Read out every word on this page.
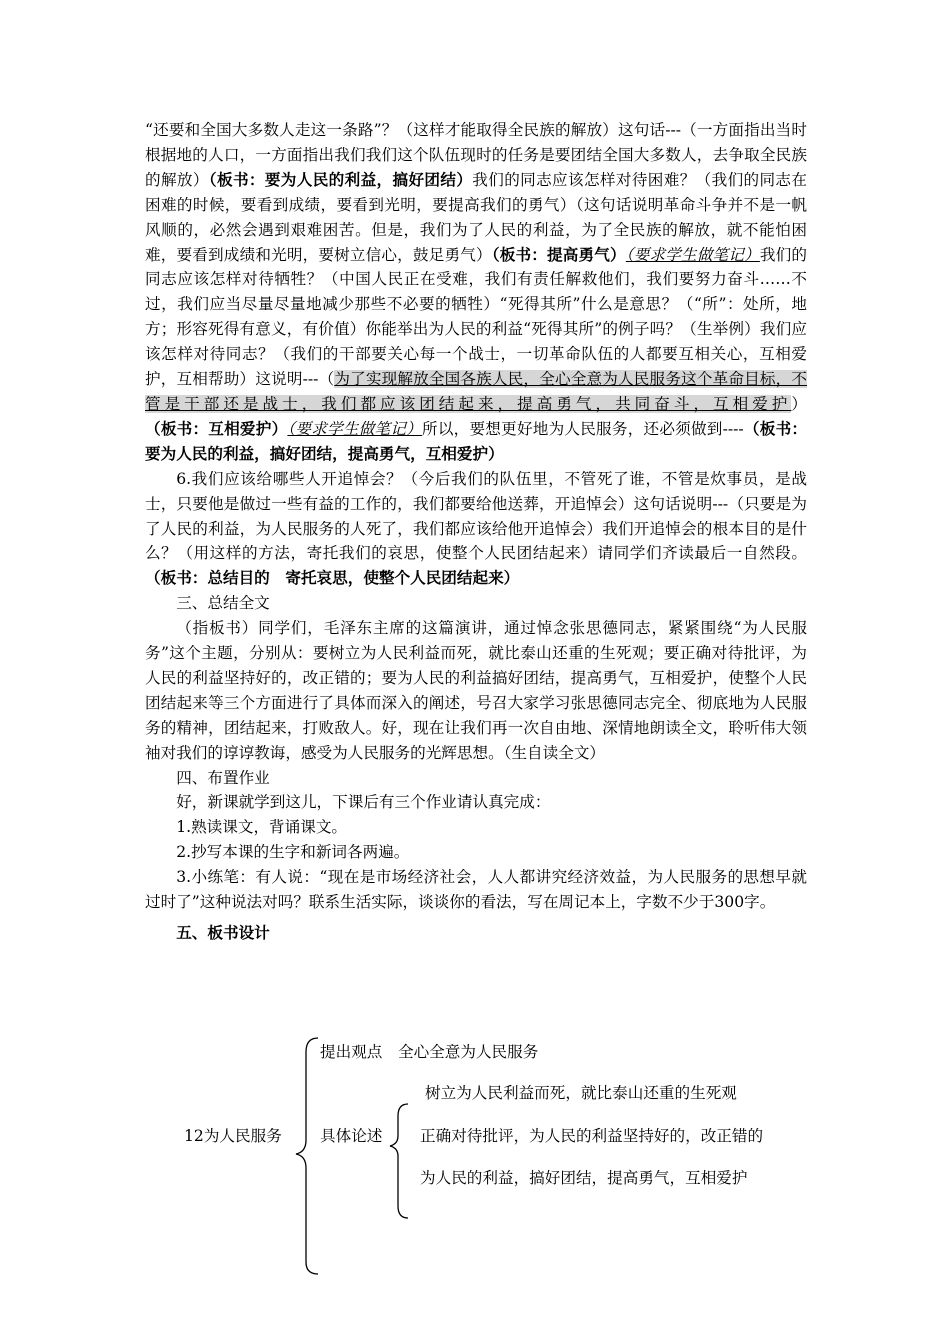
“还要和全国大多数人走这一条路”？（这样才能取得全民族的解放）这句话---（一方面指出当时根据地的人口，一方面指出我们我们这个队伍现时的任务是要团结全国大多数人，去争取全民族的解放）（板书：要为人民的利益，搞好团结）我们的同志应该怎样对待困难？（我们的同志在困难的时候，要看到成绩，要看到光明，要提高我们的勇气）（这句话说明革命斗争并不是一帆风顺的，必然会遇到艰难困苦。但是，我们为了人民的利益，为了全民族的解放，就不能怕困难，要看到成绩和光明，要树立信心，鼓足勇气）（板书：提高勇气）（要求学生做笔记）我们的同志应该怎样对待牺牲？（中国人民正在受难，我们有责任解救他们，我们要努力奋斗……不过，我们应当尽量尽量地减少那些不必要的牺牲）“死得其所”什么是意思？（“所”：处所，地方；形容死得有意义，有价值）你能举出为人民的利益“死得其所”的例子吗？（生举例）我们应该怎样对待同志？（我们的干部要关心每一个战士，一切革命队伍的人都要互相关心，互相爱护，互相帮助）这说明---（为了实现解放全国各族人民，全心全意为人民服务这个革命目标，不管是干部还是战士，我们都应该团结起来，提高勇气，共同奋斗，互相爱护）（板书：互相爱护）（要求学生做笔记）所以，要想更好地为人民服务，还必须做到----（板书：要为人民的利益，搞好团结，提高勇气，互相爱护）

6.我们应该给哪些人开追悼会？（今后我们的队伍里，不管死了谁，不管是炊事员，是战士，只要他是做过一些有益的工作的，我们都要给他送葬，开追悼会）这句话说明---（只要是为了人民的利益，为人民服务的人死了，我们都应该给他开追悼会）我们开追悼会的根本目的是什么？（用这样的方法，寄托我们的哀思，使整个人民团结起来）请同学们齐读最后一自然段。（板书：总结目的　寄托哀思，使整个人民团结起来）

三、总结全文

（指板书）同学们，毛泽东主席的这篇演讲，通过悼念张思德同志，紧紧围绕“为人民服务”这个主题，分别从：要树立为人民利益而死，就比泰山还重的生死观；要正确对待批评，为人民的利益坚持好的，改正错的；要为人民的利益搞好团结，提高勇气，互相爱护，使整个人民团结起来等三个方面进行了具体而深入的阐述，号召大家学习张思德同志完全、彻底地为人民服务的精神，团结起来，打败敌人。好，现在让我们再一次自由地、深情地朗读全文，聆听伟大领袖对我们的谆谆教诲，感受为人民服务的光辉思想。（生自读全文）

四、布置作业

好，新课就学到这儿，下课后有三个作业请认真完成：

1.熟读课文，背诵课文。

2.抄写本课的生字和新词各两遍。

3.小练笔：有人说：“现在是市场经济社会，人人都讲究经济效益，为人民服务的思想早就过时了”这种说法对吗？联系生活实际，谈谈你的看法，写在周记本上，字数不少于300字。

五、板书设计

12为人民服务
提出观点　全心全意为人民服务
具体论述
树立为人民利益而死，就比泰山还重的生死观
正确对待批评，为人民的利益坚持好的，改正错的
为人民的利益，搞好团结，提高勇气，互相爱护
